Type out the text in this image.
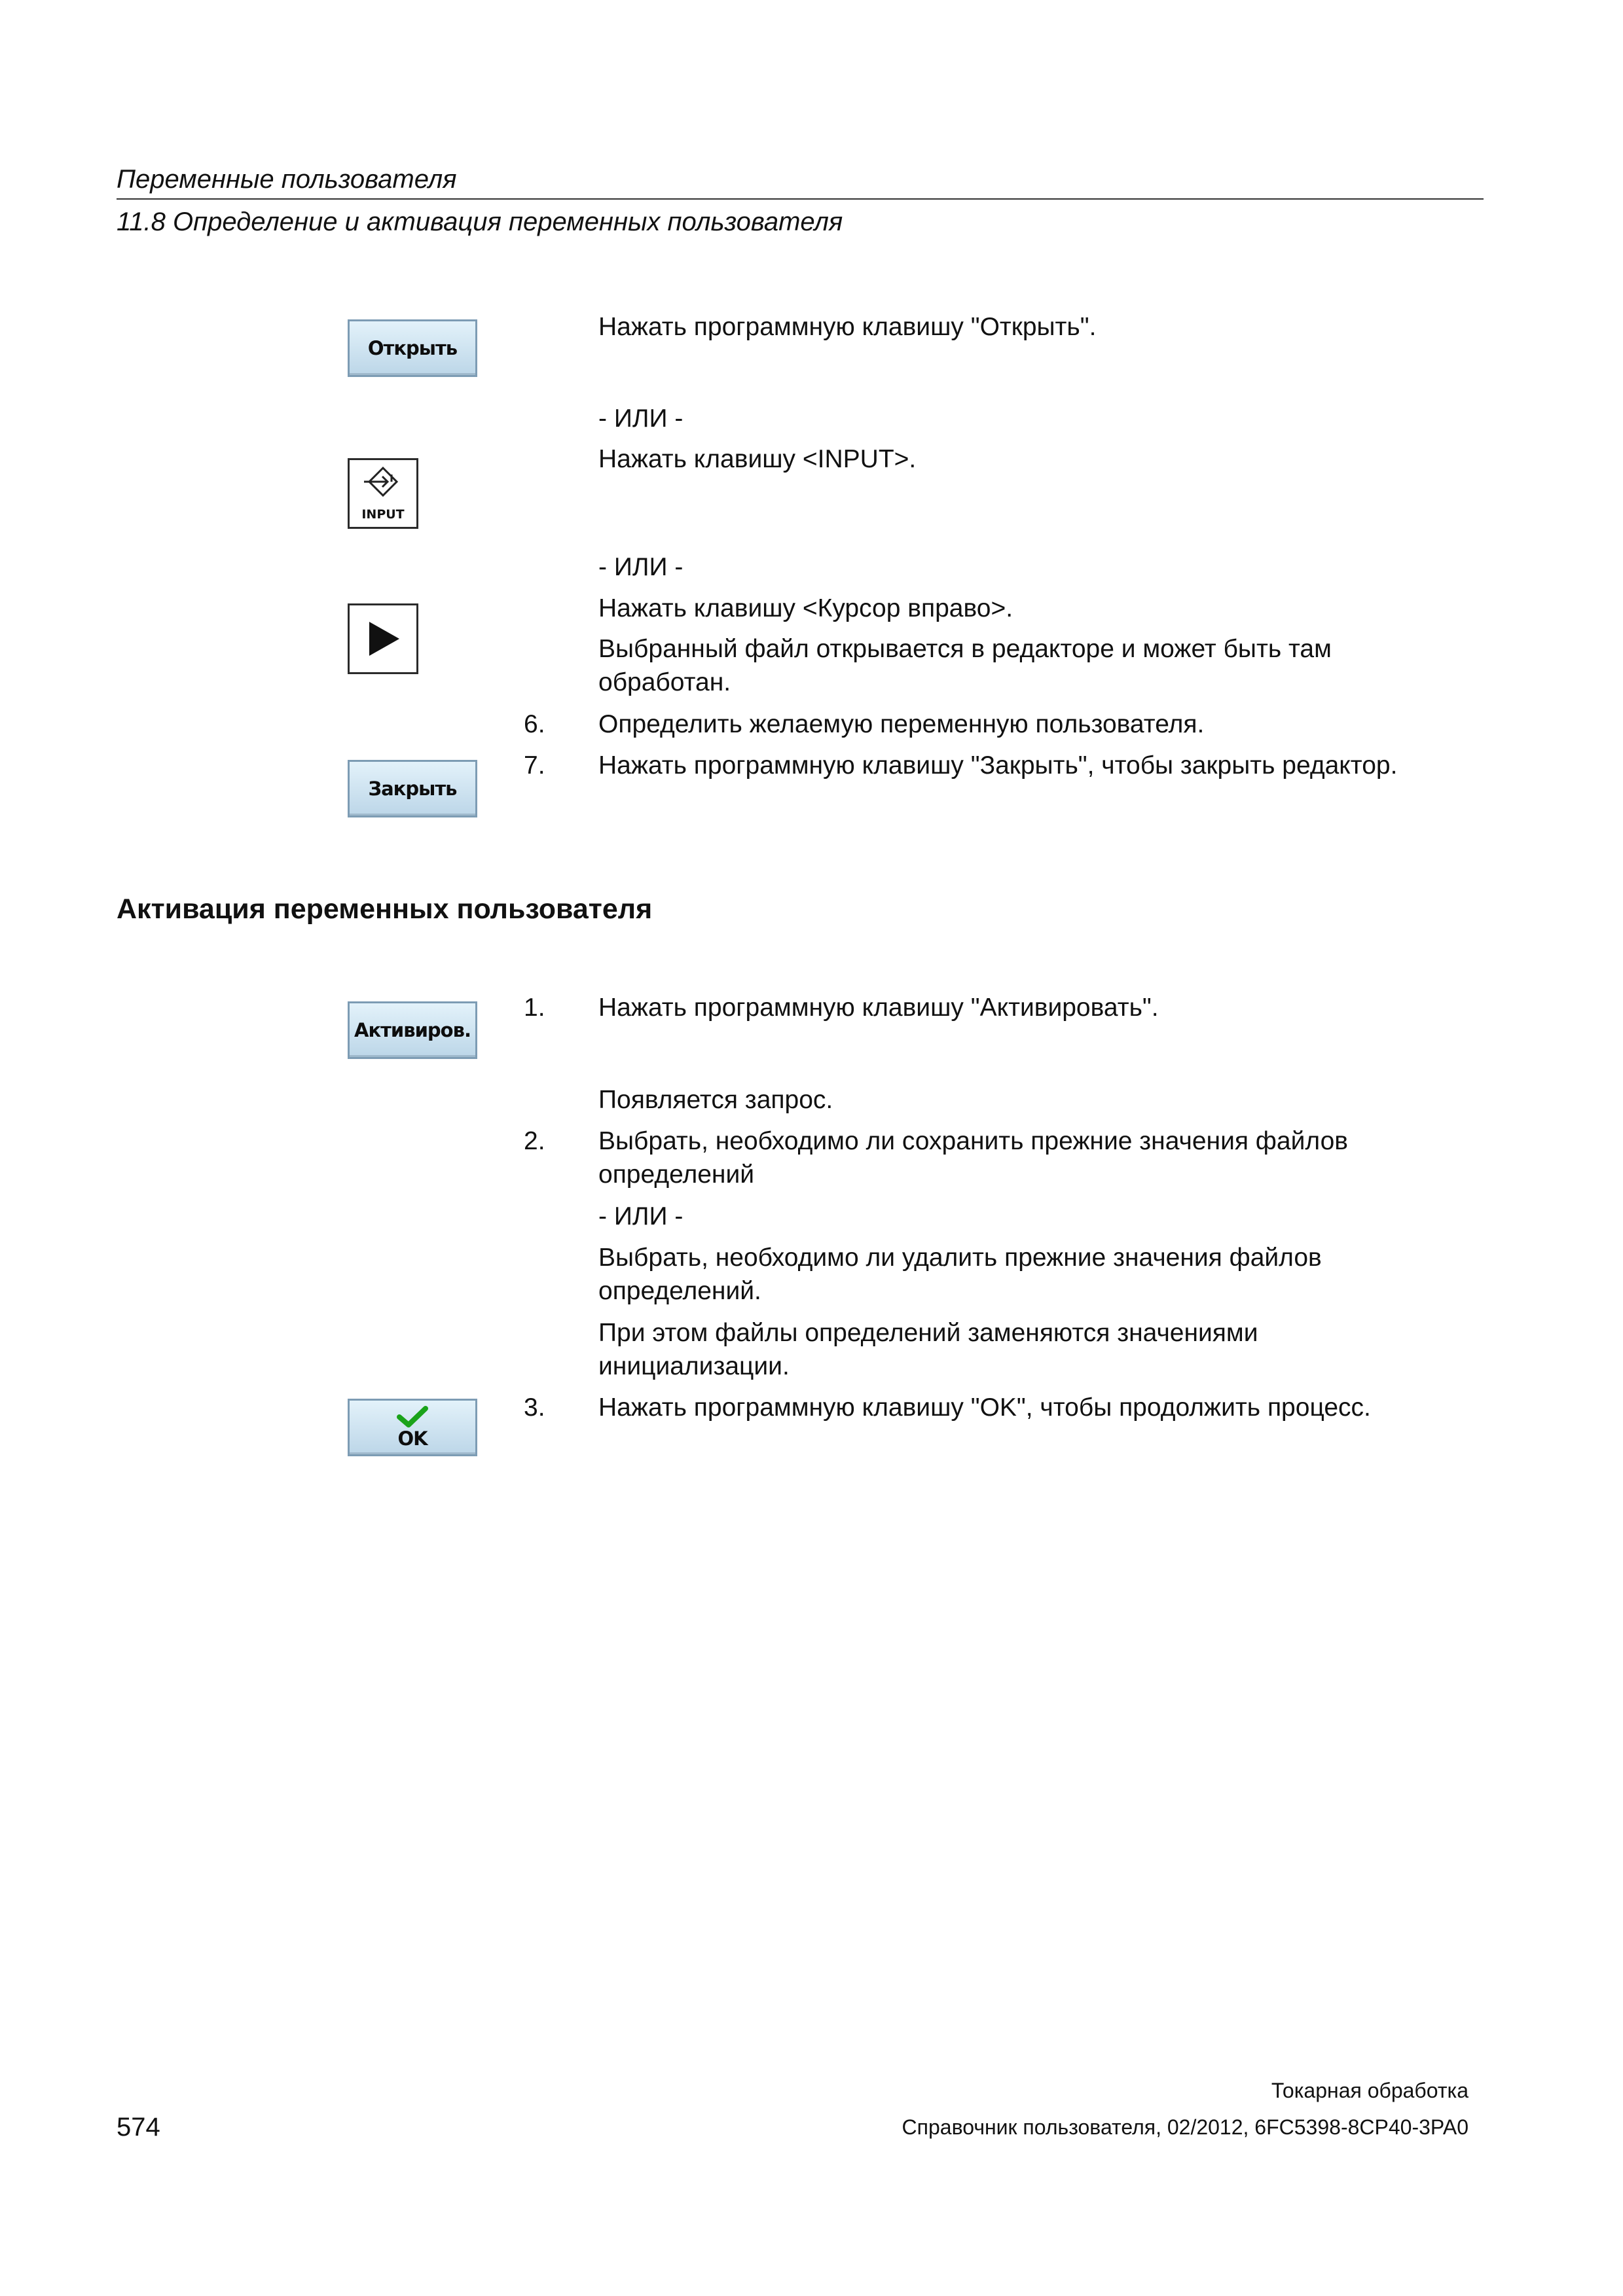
Переменные пользователя
11.8 Определение и активация переменных пользователя
Открыть
INPUT
Закрыть
Нажать программную клавишу "Открыть".
- ИЛИ -
Нажать клавишу <INPUT>.
- ИЛИ -
Нажать клавишу <Курсор вправо>.
Выбранный файл открывается в редакторе и может быть там
обработан.
6. Определить желаемую переменную пользователя.
7. Нажать программную клавишу "Закрыть", чтобы закрыть редактор.
Активация переменных пользователя
Активиров.
OK
1. Нажать программную клавишу "Активировать".
Появляется запрос.
2. Выбрать, необходимо ли сохранить прежние значения файлов
определений
- ИЛИ -
Выбрать, необходимо ли удалить прежние значения файлов
определений.
При этом файлы определений заменяются значениями
инициализации.
3. Нажать программную клавишу "OK", чтобы продолжить процесс.
Токарная обработка
Справочник пользователя, 02/2012, 6FC5398-8CP40-3PA0
574
